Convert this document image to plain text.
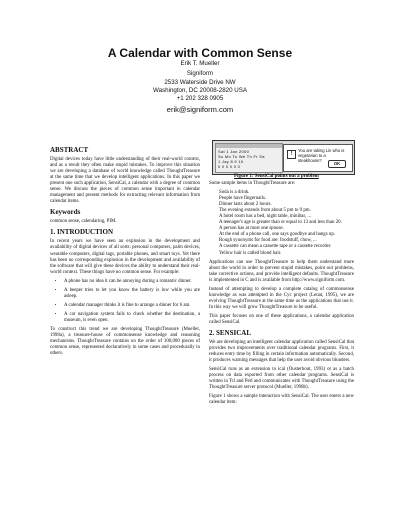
A Calendar with Common Sense
Erik T. Mueller
Signiform
2533 Waterside Drive NW
Washington, DC 20008-2820 USA
+1 202 328 0905
erik@signiform.com
ABSTRACT
Digital devices today have little understanding of their real-world context, and as a result they often make stupid mistakes. To improve this situation we are developing a database of world knowledge called ThoughtTreasure at the same time that we develop intelligent applications. In this paper we present one such application, SensiCal, a calendar with a degree of common sense. We discuss the pieces of common sense important in calendar management and present methods for extracting relevant information from calendar items.
Keywords
common sense, calendaring, PIM.
1. INTRODUCTION
In recent years we have seen an explosion in the development and availability of digital devices of all sorts: personal computers, palm devices, wearable computers, digital tags, portable phones, and smart toys. Yet there has been no corresponding explosion in the development and availability of the software that will give these devices the ability to understand their real-world context. These things have no common sense. For example:
• A phone has no idea it can be annoying during a romantic dinner.
• A beeper tries to let you know the battery is low while you are asleep.
• A calendar manager thinks it is fine to arrange a dinner for 6 am.
• A car navigation system fails to check whether the destination, a museum, is even open.
To construct this trend we are developing ThoughtTreasure (Mueller, 1998a), a treasure-house of commonsense knowledge and reasoning mechanisms. ThoughtTreasure contains on the order of 100,000 pieces of common sense, represented declaratively in some cases and procedurally in others.
Sat 1 Jan 2000
Su Mo Tu We Th Fr Sa
1 Jay 8 9 10
0 0 0 0 0 0
!
You are taking Lin who is vegetarian to a steakhouse?
OK
Figure 1: SensiCal points out a problem
Some sample items in ThoughtTreasure are:
Soda is a drink.
People have fingernails.
Dinner lasts about 2 hours.
The evening extends from about 5 pm to 9 pm.
A hotel room has a bed, night table, minibar, ...
A teenager's age is greater than or equal to 13 and less than 20.
A person has at most one spouse.
At the end of a phone call, one says goodbye and hangs up.
Rough synonyms for food are: foodstuff, chow, ...
A cassette can mean a cassette tape or a cassette recorder.
Yellow hair is called blond hair.
Applications can use ThoughtTreasure to help them understand more about the world in order to prevent stupid mistakes, point out problems, take corrective actions, and provide intelligent defaults. ThoughtTreasure is implemented in C and is available from http://www.signiform.com.
Instead of attempting to develop a complete catalog of commonsense knowledge as was attempted in the Cyc project (Lenat, 1995), we are evolving ThoughtTreasure at the same time as the applications that use it. In this way we will grow ThoughtTreasure to be useful.
This paper focuses on one of these applications, a calendar application called SensiCal.
2. SENSICAL
We are developing an intelligent calendar application called SensiCal that provides two improvements over traditional calendar programs. First, it reduces entry time by filling in certain information automatically. Second, it produces warning messages that help the user avoid obvious blunders.
SensiCal runs as an extension to ical (Ousterhout, 1993) or as a batch process on data exported from other calendar programs. SensiCal is written in Tcl and Perl and communicates with ThoughtTreasure using the ThoughtTreasure server protocol (Mueller, 1998b).
Figure 1 shows a sample interaction with SensiCal. The user enters a new calendar item:
